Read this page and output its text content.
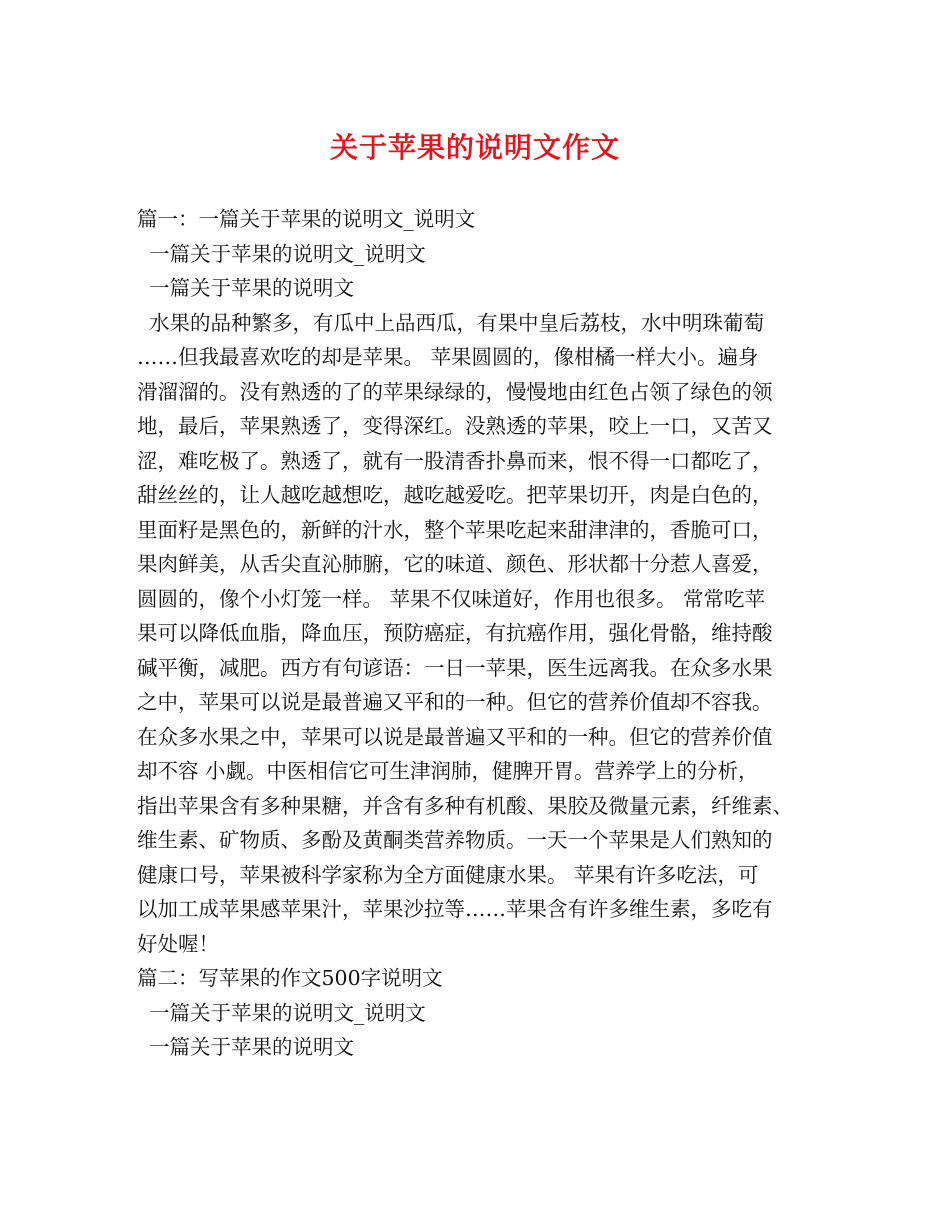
关于苹果的说明文作文
篇一：一篇关于苹果的说明文_说明文
一篇关于苹果的说明文_说明文
一篇关于苹果的说明文
水果的品种繁多，有瓜中上品西瓜，有果中皇后荔枝，水中明珠葡萄
……但我最喜欢吃的却是苹果。 苹果圆圆的，像柑橘一样大小。遍身
滑溜溜的。没有熟透的了的苹果绿绿的，慢慢地由红色占领了绿色的领
地，最后，苹果熟透了，变得深红。没熟透的苹果，咬上一口，又苦又
涩，难吃极了。熟透了，就有一股清香扑鼻而来，恨不得一口都吃了，
甜丝丝的，让人越吃越想吃，越吃越爱吃。把苹果切开，肉是白色的，
里面籽是黑色的，新鲜的汁水，整个苹果吃起来甜津津的，香脆可口，
果肉鲜美，从舌尖直沁肺腑，它的味道、颜色、形状都十分惹人喜爱，
圆圆的，像个小灯笼一样。 苹果不仅味道好，作用也很多。 常常吃苹
果可以降低血脂，降血压，预防癌症，有抗癌作用，强化骨骼，维持酸
碱平衡，减肥。西方有句谚语：一日一苹果，医生远离我。在众多水果
之中，苹果可以说是最普遍又平和的一种。但它的营养价值却不容我。
在众多水果之中，苹果可以说是最普遍又平和的一种。但它的营养价值
却不容 小觑。中医相信它可生津润肺，健脾开胃。营养学上的分析，
指出苹果含有多种果糖，并含有多种有机酸、果胶及微量元素，纤维素、
维生素、矿物质、多酚及黄酮类营养物质。一天一个苹果是人们熟知的
健康口号，苹果被科学家称为全方面健康水果。 苹果有许多吃法，可
以加工成苹果感苹果汁，苹果沙拉等……苹果含有许多维生素，多吃有
好处喔！
篇二：写苹果的作文500字说明文
一篇关于苹果的说明文_说明文
一篇关于苹果的说明文
